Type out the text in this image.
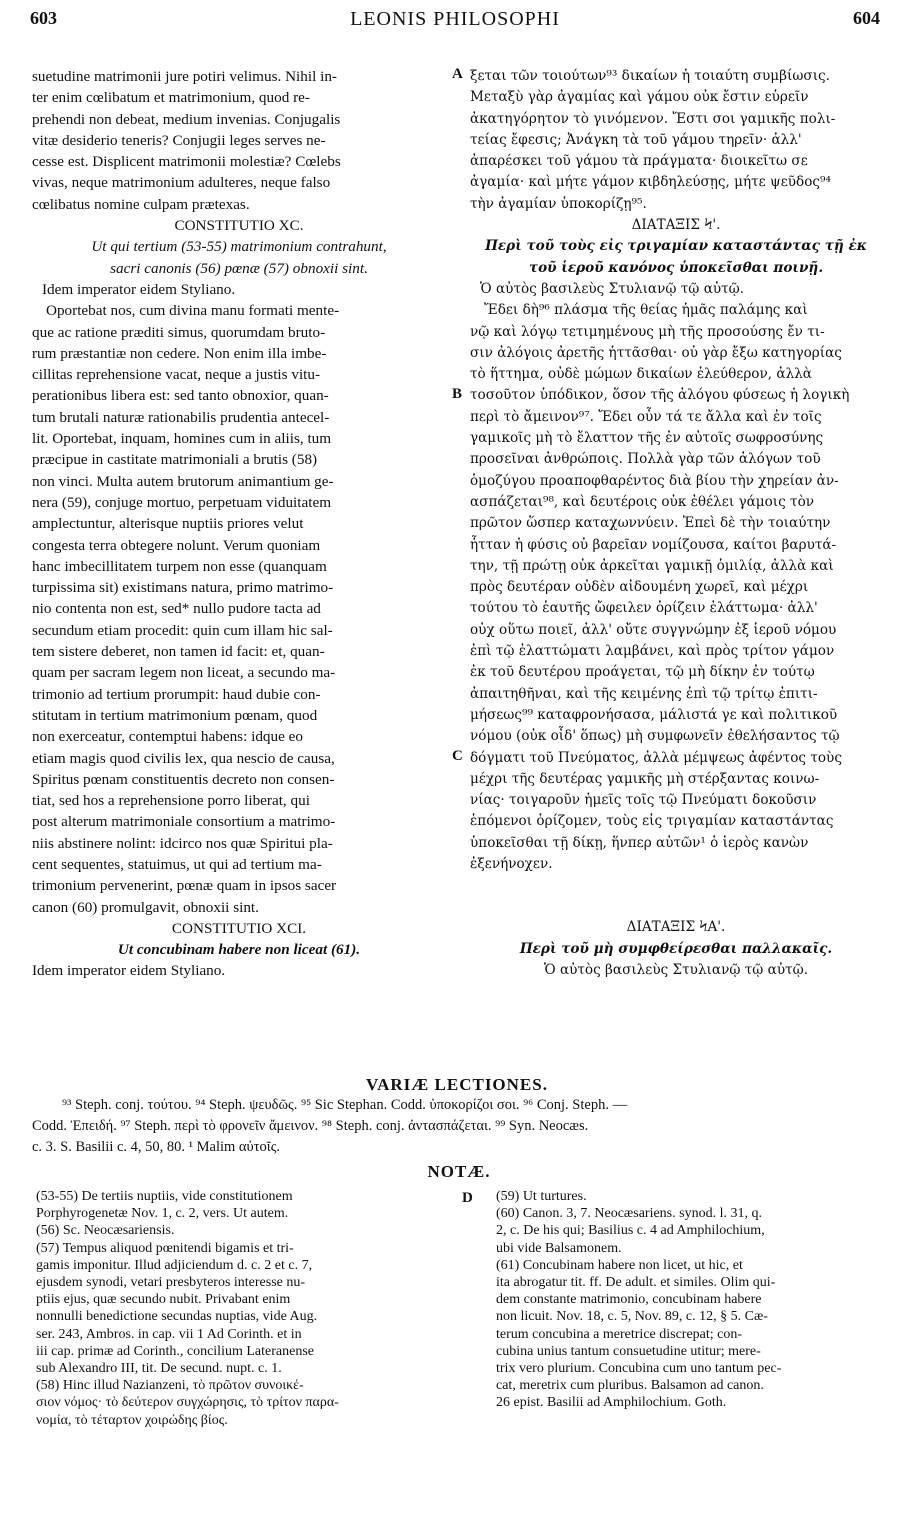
603	LEONIS PHILOSOPHI	604
A
B
C
D
suetudine matrimonii jure potiri velimus. Nihil in-
ter enim cœlibatum et matrimonium, quod re-
prehendi non debeat, medium invenias. Conjugalis
vitæ desiderio teneris? Conjugii leges serves ne-
cesse est. Displicent matrimonii molestiæ? Cœlebs
vivas, neque matrimonium adulteres, neque falso
cœlibatus nomine culpam prætexas.
CONSTITUTIO XC.
Ut qui tertium (53-55) matrimonium contrahunt,
sacri canonis (56) pœnæ (57) obnoxii sint.
Idem imperator eidem Styliano.
Oportebat nos, cum divina manu formati mente-
que ac ratione præditi simus, quorumdam bruto-
rum præstantiæ non cedere. Non enim illa imbe-
cillitas reprehensione vacat, neque a justis vitu-
perationibus libera est: sed tanto obnoxior, quan-
tum brutali naturæ rationabilis prudentia antecel-
lit. Oportebat, inquam, homines cum in aliis, tum
præcipue in castitate matrimoniali a brutis (58)
non vinci. Multa autem brutorum animantium ge-
nera (59), conjuge mortuo, perpetuam viduitatem
amplectuntur, alterisque nuptiis priores velut
congesta terra obtegere nolunt. Verum quoniam
hanc imbecillitatem turpem non esse (quanquam
turpissima sit) existimans natura, primo matrimo-
nio contenta non est, sed* nullo pudore tacta ad
secundum etiam procedit: quin cum illam hic sal-
tem sistere deberet, non tamen id facit: et, quan-
quam per sacram legem non liceat, a secundo ma-
trimonio ad tertium prorumpit: haud dubie con-
stitutam in tertium matrimonium pœnam, quod
non exerceatur, contemptui habens: idque eo
etiam magis quod civilis lex, qua nescio de causa,
Spiritus pœnam constituentis decreto non consen-
tiat, sed hos a reprehensione porro liberat, qui
post alterum matrimoniale consortium a matrimo-
niis abstinere nolint: idcirco nos quæ Spiritui pla-
cent sequentes, statuimus, ut qui ad tertium ma-
trimonium pervenerint, pœnæ quam in ipsos sacer
canon (60) promulgavit, obnoxii sint.
CONSTITUTIO XCI.
Ut concubinam habere non liceat (61).
Idem imperator eidem Styliano.
ξεται τῶν τοιούτων⁹³ δικαίων ἡ τοιαύτη συμβίωσις.
Μεταξὺ γὰρ ἀγαμίας καὶ γάμου οὐκ ἔστιν εὑρεῖν
ἀκατηγόρητον τὸ γινόμενον. Ἔστι σοι γαμικῆς πολι-
τείας ἔφεσις; Ἀνάγκη τὰ τοῦ γάμου τηρεῖν· ἀλλ'
ἀπαρέσκει τοῦ γάμου τὰ πράγματα· διοικεῖτω σε
ἀγαμία· καὶ μήτε γάμον κιβδηλεύσῃς, μήτε ψεῦδος⁹⁴
τὴν ἀγαμίαν ὑποκορίζῃ⁹⁵.
ΔΙΑΤΑΞΙΣ Ϟ'.
Περὶ τοῦ τοὺς εἰς τριγαμίαν καταστάντας τῇ ἐκ
τοῦ ἱεροῦ κανόνος ὑποκεῖσθαι ποινῇ.
Ὁ αὐτὸς βασιλεὺς Στυλιανῷ τῷ αὐτῷ.
Ἔδει δὴ⁹⁶ πλάσμα τῆς θείας ἡμᾶς παλάμης καὶ
νῷ καὶ λόγῳ τετιμημένους μὴ τῆς προσούσης ἔν τι-
σιν ἀλόγοις ἀρετῆς ἡττᾶσθαι· οὐ γὰρ ἔξω κατηγορίας
τὸ ἥττημα, οὐδὲ μώμων δικαίων ἐλεύθερον, ἀλλὰ
τοσοῦτον ὑπόδικον, ὅσον τῆς ἀλόγου φύσεως ἡ λογικὴ
περὶ τὸ ἄμεινον⁹⁷. Ἔδει οὖν τά τε ἄλλα καὶ ἐν τοῖς
γαμικοῖς μὴ τὸ ἔλαττον τῆς ἐν αὐτοῖς σωφροσύνης
προσεῖναι ἀνθρώποις. Πολλὰ γὰρ τῶν ἀλόγων τοῦ
ὁμοζύγου προαποφθαρέντος διὰ βίου τὴν χηρείαν ἀν-
ασπάζεται⁹⁸, καὶ δευτέροις οὐκ ἐθέλει γάμοις τὸν
πρῶτον ὥσπερ καταχωννύειν. Ἐπεὶ δὲ τὴν τοιαύτην
ἧτταν ἡ φύσις οὐ βαρεῖαν νομίζουσα, καίτοι βαρυτά-
την, τῇ πρώτῃ οὐκ ἀρκεῖται γαμικῇ ὁμιλίᾳ, ἀλλὰ καὶ
πρὸς δευτέραν οὐδὲν αἰδουμένη χωρεῖ, καὶ μέχρι
τούτου τὸ ἑαυτῆς ὤφειλεν ὁρίζειν ἐλάττωμα· ἀλλ'
οὐχ οὕτω ποιεῖ, ἀλλ' οὔτε συγγνώμην ἐξ ἱεροῦ νόμου
ἐπὶ τῷ ἐλαττώματι λαμβάνει, καὶ πρὸς τρίτον γάμον
ἐκ τοῦ δευτέρου προάγεται, τῷ μὴ δίκην ἐν τούτῳ
ἀπαιτηθῆναι, καὶ τῆς κειμένης ἐπὶ τῷ τρίτῳ ἐπιτι-
μήσεως⁹⁹ καταφρονήσασα, μάλιστά γε καὶ πολιτικοῦ
νόμου (οὐκ οἶδ' ὅπως) μὴ συμφωνεῖν ἐθελήσαντος τῷ
δόγματι τοῦ Πνεύματος, ἀλλὰ μέμψεως ἀφέντος τοὺς
μέχρι τῆς δευτέρας γαμικῆς μὴ στέρξαντας κοινω-
νίας· τοιγαροῦν ἡμεῖς τοῖς τῷ Πνεύματι δοκοῦσιν
ἑπόμενοι ὁρίζομεν, τοὺς εἰς τριγαμίαν καταστάντας
ὑποκεῖσθαι τῇ δίκῃ, ἥνπερ αὐτῶν¹ ὁ ἱερὸς κανὼν
ἐξενήνοχεν.
ΔΙΑΤΑΞΙΣ ϞΑ'.
Περὶ τοῦ μὴ συμφθείρεσθαι παλλακαῖς.
Ὁ αὐτὸς βασιλεὺς Στυλιανῷ τῷ αὐτῷ.
VARIÆ LECTIONES.
⁹³ Steph. conj. τούτου. ⁹⁴ Steph. ψευδῶς. ⁹⁵ Sic Stephan. Codd. ὑποκορίζοι σοι. ⁹⁶ Conj. Steph. —
Codd. Ἐπειδή. ⁹⁷ Steph. περὶ τὸ φρονεῖν ἄμεινον. ⁹⁸ Steph. conj. ἀντασπάζεται. ⁹⁹ Syn. Neocæs.
c. 3. S. Basilii c. 4, 50, 80. ¹ Malim αὐτοῖς.
NOTÆ.
(53-55) De tertiis nuptiis, vide constitutionem
Porphyrogenetæ Nov. 1, c. 2, vers. Ut autem.
(56) Sc. Neocæsariensis.
(57) Tempus aliquod pœnitendi bigamis et tri-
gamis imponitur. Illud adjiciendum d. c. 2 et c. 7,
ejusdem synodi, vetari presbyteros interesse nu-
ptiis ejus, quæ secundo nubit. Privabant enim
nonnulli benedictione secundas nuptias, vide Aug.
ser. 243, Ambros. in cap. vii 1 Ad Corinth. et in
iii cap. primæ ad Corinth., concilium Lateranense
sub Alexandro III, tit. De secund. nupt. c. 1.
(58) Hinc illud Nazianzeni, τὸ πρῶτον συνοικέ-
σιον νόμος· τὸ δεύτερον συγχώρησις, τὸ τρίτον παρα-
νομία, τὸ τέταρτον χοιρώδης βίος.
(59) Ut turtures.
(60) Canon. 3, 7. Neocæsariens. synod. l. 31, q.
2, c. De his qui; Basilius c. 4 ad Amphilochium,
ubi vide Balsamonem.
(61) Concubinam habere non licet, ut hic, et
ita abrogatur tit. ff. De adult. et similes. Olim qui-
dem constante matrimonio, concubinam habere
non licuit. Nov. 18, c. 5, Nov. 89, c. 12, § 5. Cæ-
terum concubina a meretrice discrepat; con-
cubina unius tantum consuetudine utitur; mere-
trix vero plurium. Concubina cum uno tantum pec-
cat, meretrix cum pluribus. Balsamon ad canon.
26 epist. Basilii ad Amphilochium. Goth.
